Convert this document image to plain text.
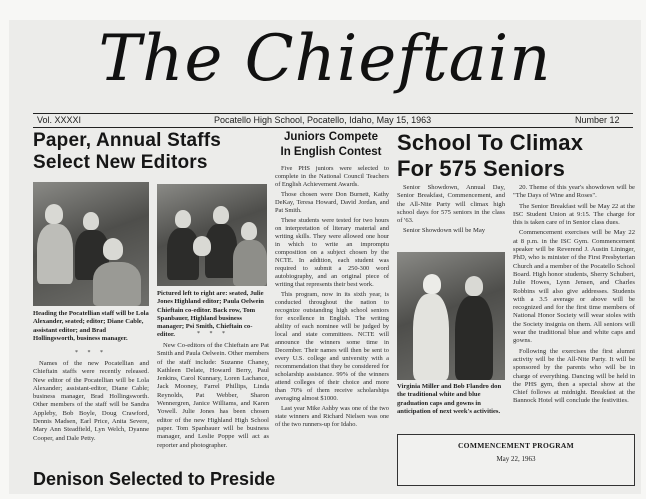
The Chieftain
Vol. XXXXI	Pocatello High School, Pocatello, Idaho, May 15, 1963	Number 12
Paper, Annual Staffs
Select New Editors
Heading the Pocatellian staff will be Lola Alexander, seated; editor; Diane Cable, assistant editor; and Brad Hollingsworth, business manager.
* * *

Names of the new Pocatellian and Chieftain staffs were recently released. New editor of the Pocatellian will be Lola Alexander; assistant-editor, Diane Cable; business manager, Brad Hollingsworth. Other members of the staff will be Sandra Appleby, Bob Boyle, Doug Crawford, Dennis Madsen, Earl Price, Anita Severe, Mary Ann Steadfield, Lyn Welch, Dyanne Cooper, and Dale Petty.

Pictured left to right are: seated, Julie Jones Highland editor; Paula Oelwein Chieftain co-editor. Back row, Tom Spanbauer, Highland business manager; Psi Smith, Chieftain co-editor.	* * *

New Co-editors of the Chieftain are Pat Smith and Paula Oelwein. Other members of the staff include: Suzanne Chaney, Kathleen Delate, Howard Berry, Paul Jenkins, Carol Kunnary, Loren Lachance, Jack Mooney, Farrel Phillips, Linda Reynolds, Pat Webber, Sharon Wennergren, Janice Williams, and Karen Yowell. Julie Jones has been chosen editor of the new Highland High School paper. Tom Spanbauer will be business manager, and Leslie Poppe will act as reporter and photographer.

Juniors Compete
In English Contest

Five PHS juniors were selected to complete in the National Council Teachers of English Achievement Awards.

Those chosen were Don Burnett, Kathy DeKay, Teresa Howard, David Jordan, and Pat Smith.

These students were tested for two hours on interpretation of literary material and writing skills. They were allowed one hour in which to write an impromptu composition on a subject chosen by the NCTE. In addition, each student was required to submit a 250-300 word autobiography, and an original piece of writing that represents their best work.

This program, now in its sixth year, is conducted throughout the nation to recognize outstanding high school seniors for excellence in English. The writing ability of each nominee will be judged by local and state committees. NCTE will announce the winners some time in December. Their names will then be sent to every U.S. college and university with a recommendation that they be considered for scholarship assistance. 99% of the winners attend colleges of their choice and more than 70% of them receive scholarships averaging almost $1000.

Last year Mike Ashby was one of the two state winners and Richard Nielsen was one of the two runners-up for Idaho.

School To Climax
For 575 Seniors

Senior Showdown, Annual Day, Senior Breakfast, Commencement, and the All-Nite Party will climax high school days for 575 seniors in the class of '63.

Senior Showdown will be May

Virginia Miller and Bob Flandro don the traditional white and blue graduation caps and gowns in anticipation of next week's activities.

20. Theme of this year's showdown will be "The Days of Wine and Roses".

The Senior Breakfast will be May 22 at the ISC Student Union at 9:15. The charge for this is taken care of in Senior class dues.

Commencement exercises will be May 22 at 8 p.m. in the ISC Gym. Commencement speaker will be Reverend J. Austin Lininger, PhD, who is minister of the First Presbyterian Church and a member of the Pocatello School Board. High honor students, Sherry Schubert, Julie Howes, Lynn Jensen, and Charles Robbins will also give addresses. Students with a 3.5 average or above will be recognized and for the first time members of National Honor Society will wear stoles with the Society insignia on them. All seniors will wear the traditional blue and white caps and gowns.

Following the exercises the first alumni activity will be the All-Nite Party. It will be sponsored by the parents who will be in charge of everything. Dancing will be held in the PHS gym, then a special show at the Chief follows at midnight. Breakfast at the Bannock Hotel will conclude the festivities.

Denison Selected to Preside
COMMENCEMENT PROGRAM
May 22, 1963
